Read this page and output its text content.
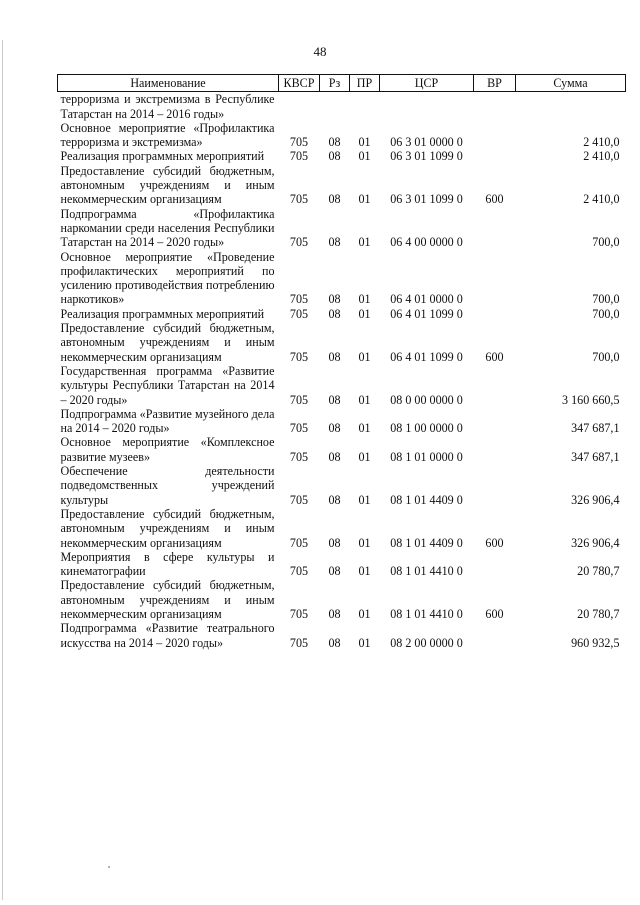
48
Наименование	КВСР	Рз	ПР	ЦСР	ВР	Сумма
терроризма и экстремизма в Республике Татарстан на 2014 – 2016 годы»						
Основное мероприятие «Профилактика терроризма и экстремизма»	705	08	01	06 3 01 0000 0		2 410,0
Реализация программных мероприятий	705	08	01	06 3 01 1099 0		2 410,0
Предоставление субсидий бюджетным, автономным учреждениям и иным некоммерческим организациям	705	08	01	06 3 01 1099 0	600	2 410,0
Подпрограмма «Профилактика наркомании среди населения Республики Татарстан на 2014 – 2020 годы»	705	08	01	06 4 00 0000 0		700,0
Основное мероприятие «Проведение профилактических мероприятий по усилению противодействия потреблению наркотиков»	705	08	01	06 4 01 0000 0		700,0
Реализация программных мероприятий	705	08	01	06 4 01 1099 0		700,0
Предоставление субсидий бюджетным, автономным учреждениям и иным некоммерческим организациям	705	08	01	06 4 01 1099 0	600	700,0
Государственная программа «Развитие культуры Республики Татарстан на 2014 – 2020 годы»	705	08	01	08 0 00 0000 0		3 160 660,5
Подпрограмма «Развитие музейного дела на 2014 – 2020 годы»	705	08	01	08 1 00 0000 0		347 687,1
Основное мероприятие «Комплексное развитие музеев»	705	08	01	08 1 01 0000 0		347 687,1
Обеспечение деятельности подведомственных учреждений культуры	705	08	01	08 1 01 4409 0		326 906,4
Предоставление субсидий бюджетным, автономным учреждениям и иным некоммерческим организациям	705	08	01	08 1 01 4409 0	600	326 906,4
Мероприятия в сфере культуры и кинематографии	705	08	01	08 1 01 4410 0		20 780,7
Предоставление субсидий бюджетным, автономным учреждениям и иным некоммерческим организациям	705	08	01	08 1 01 4410 0	600	20 780,7
Подпрограмма «Развитие театрального искусства на 2014 – 2020 годы»	705	08	01	08 2 00 0000 0		960 932,5
